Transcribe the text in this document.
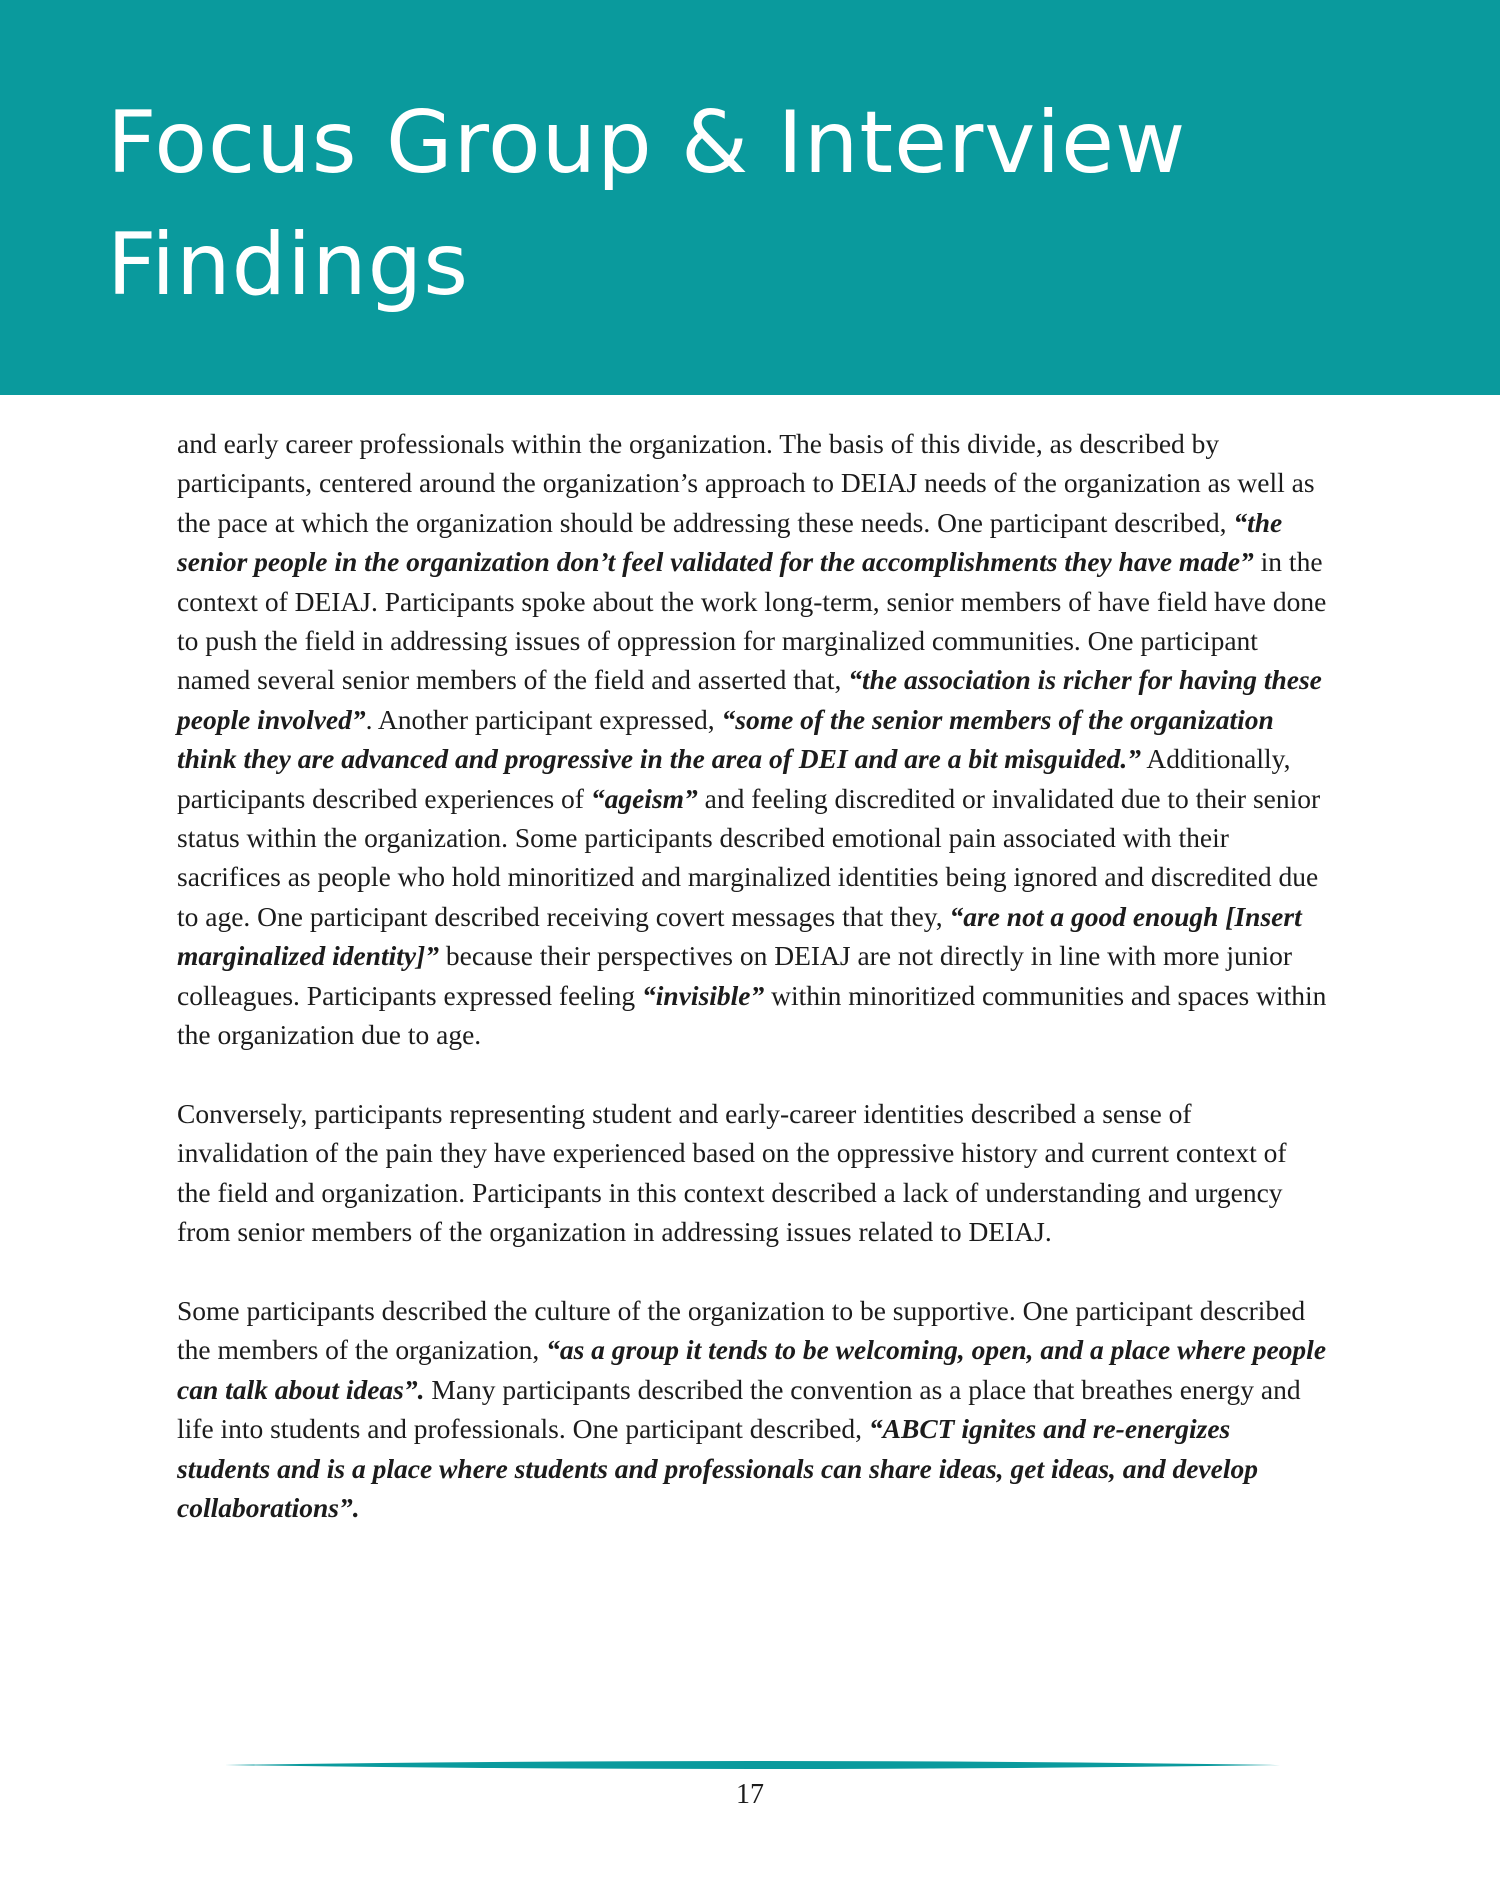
Focus Group & Interview
Findings

and early career professionals within the organization. The basis of this divide, as described by participants, centered around the organization’s approach to DEIAJ needs of the organization as well as the pace at which the organization should be addressing these needs. One participant described, “the senior people in the organization don’t feel validated for the accomplishments they have made” in the context of DEIAJ. Participants spoke about the work long-term, senior members of have field have done to push the field in addressing issues of oppression for marginalized communities. One participant named several senior members of the field and asserted that, “the association is richer for having these people involved”. Another participant expressed, “some of the senior members of the organization think they are advanced and progressive in the area of DEI and are a bit misguided.” Additionally, participants described experiences of “ageism” and feeling discredited or invalidated due to their senior status within the organization. Some participants described emotional pain associated with their sacrifices as people who hold minoritized and marginalized identities being ignored and discredited due to age. One participant described receiving covert messages that they, “are not a good enough [Insert marginalized identity]” because their perspectives on DEIAJ are not directly in line with more junior colleagues. Participants expressed feeling “invisible” within minoritized communities and spaces within the organization due to age.

Conversely, participants representing student and early-career identities described a sense of invalidation of the pain they have experienced based on the oppressive history and current context of the field and organization. Participants in this context described a lack of understanding and urgency from senior members of the organization in addressing issues related to DEIAJ.

Some participants described the culture of the organization to be supportive. One participant described the members of the organization, “as a group it tends to be welcoming, open, and a place where people can talk about ideas”. Many participants described the convention as a place that breathes energy and life into students and professionals. One participant described, “ABCT ignites and re-energizes students and is a place where students and professionals can share ideas, get ideas, and develop collaborations”.

17
